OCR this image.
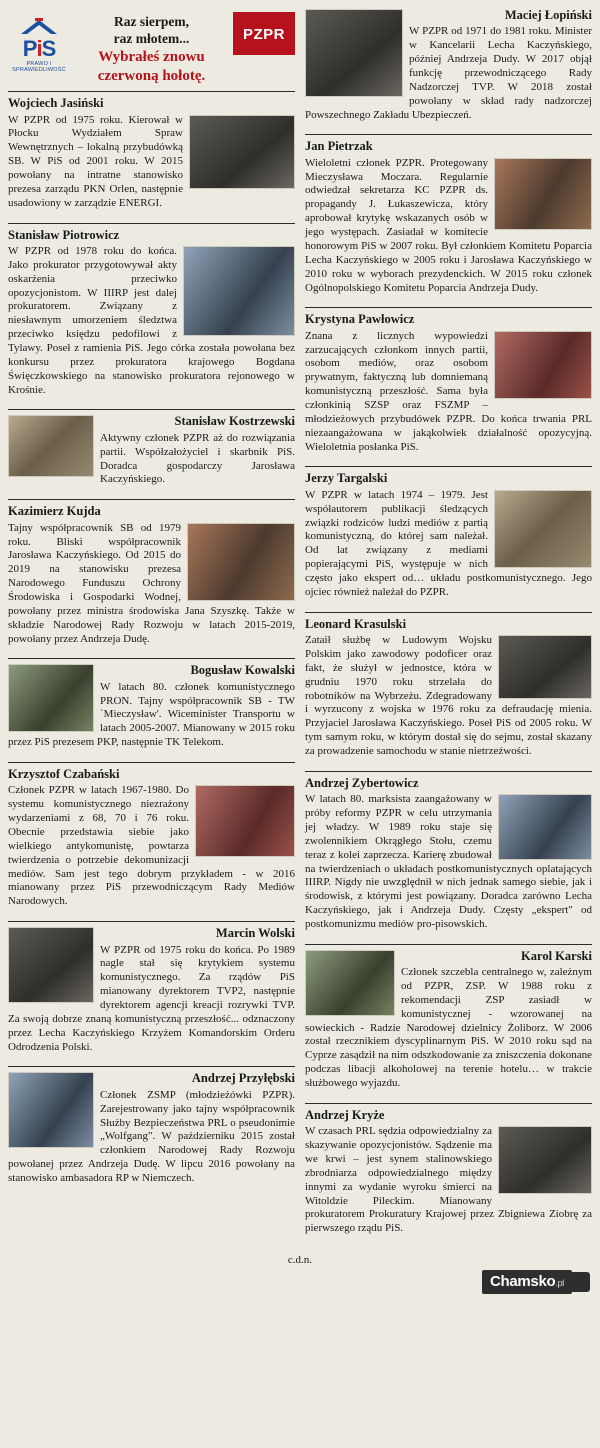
PiS
PRAWO I SPRAWIEDLIWOŚĆ
Raz sierpem,
raz młotem...
Wybrałeś znowu
czerwoną hołotę.
PZPR
Wojciech Jasiński

W PZPR od 1975 roku. Kierował w Płocku Wydziałem Spraw Wewnętrznych – lokalną przybudówką SB. W PiS od 2001 roku. W 2015 powołany na intratne stanowisko prezesa zarządu PKN Orlen, następnie usadowiony w zarządzie ENERGI.

Stanisław Piotrowicz

W PZPR od 1978 roku do końca. Jako prokurator przygotowywał akty oskarżenia przeciwko opozycjonistom. W IIIRP jest dalej prokuratorem. Związany z niesławnym umorzeniem śledztwa przeciwko księdzu pedofilowi z Tylawy. Poseł z ramienia PiS. Jego córka została powołana bez konkursu przez prokuratora krajowego Bogdana Święczkowskiego na stanowisko prokuratora rejonowego w Krośnie.

Stanisław Kostrzewski

Aktywny członek PZPR aż do rozwiązania partii. Współzałożyciel i skarbnik PiS. Doradca gospodarczy Jarosława Kaczyńskiego.

Kazimierz Kujda

Tajny współpracownik SB od 1979 roku. Bliski współpracownik Jarosława Kaczyńskiego. Od 2015 do 2019 na stanowisku prezesa Narodowego Funduszu Ochrony Środowiska i Gospodarki Wodnej, powołany przez ministra środowiska Jana Szyszkę. Także w składzie Narodowej Rady Rozwoju w latach 2015-2019, powołany przez Andrzeja Dudę.

Bogusław Kowalski

W latach 80. członek komunistycznego PRON. Tajny współpracownik SB - TW `Mieczysław'. Wiceminister Transportu w latach 2005-2007. Mianowany w 2015 roku przez PiS prezesem PKP, następnie TK Telekom.

Krzysztof Czabański

Członek PZPR w latach 1967-1980. Do systemu komunistycznego niezrażony wydarzeniami z 68, 70 i 76 roku. Obecnie przedstawia siebie jako wielkiego antykomunistę, powtarza twierdzenia o potrzebie dekomunizacji mediów. Sam jest tego dobrym przykładem - w 2016 mianowany przez PiS przewodniczącym Rady Mediów Narodowych.

Marcin Wolski

W PZPR od 1975 roku do końca. Po 1989 nagle stał się krytykiem systemu komunistycznego. Za rządów PiS mianowany dyrektorem TVP2, następnie dyrektorem agencji kreacji rozrywki TVP. Za swoją dobrze znaną komunistyczną przeszłość... odznaczony przez Lecha Kaczyńskiego Krzyżem Komandorskim Orderu Odrodzenia Polski.

Andrzej Przyłębski

Członek ZSMP (młodzieżówki PZPR). Zarejestrowany jako tajny współpracownik Służby Bezpieczeństwa PRL o pseudonimie „Wolfgang". W październiku 2015 został członkiem Narodowej Rady Rozwoju powołanej przez Andrzeja Dudę. W lipcu 2016 powołany na stanowisko ambasadora RP w Niemczech.

Maciej Łopiński

W PZPR od 1971 do 1981 roku. Minister w Kancelarii Lecha Kaczyńskiego, później Andrzeja Dudy. W 2017 objął funkcję przewodniczącego Rady Nadzorczej TVP. W 2018 został powołany w skład rady nadzorczej Powszechnego Zakładu Ubezpieczeń.

Jan Pietrzak

Wieloletni członek PZPR. Protegowany Mieczysława Moczara. Regularnie odwiedzał sekretarza KC PZPR ds. propagandy J. Łukaszewicza, który aprobował krytykę wskazanych osób w jego występach. Zasiadał w komitecie honorowym PiS w 2007 roku. Był członkiem Komitetu Poparcia Lecha Kaczyńskiego w 2005 roku i Jarosława Kaczyńskiego w 2010 roku w wyborach prezydenckich. W 2015 roku członek Ogólnopolskiego Komitetu Poparcia Andrzeja Dudy.

Krystyna Pawłowicz

Znana z licznych wypowiedzi zarzucających członkom innych partii, osobom mediów, oraz osobom prywatnym, faktyczną lub domniemaną komunistyczną przeszłość. Sama była członkinią SZSP oraz FSZMP – młodzieżowych przybudówek PZPR. Do końca trwania PRL niezaangażowana w jakąkolwiek działalność opozycyjną. Wieloletnia posłanka PiS.

Jerzy Targalski

W PZPR w latach 1974 – 1979. Jest współautorem publikacji śledzących związki rodziców ludzi mediów z partią komunistyczną, do której sam należał. Od lat związany z mediami popierającymi PiS, występuje w nich często jako ekspert od… układu postkomunistycznego. Jego ojciec również należał do PZPR.

Leonard Krasulski

Zataił służbę w Ludowym Wojsku Polskim jako zawodowy podoficer oraz fakt, że służył w jednostce, która w grudniu 1970 roku strzelała do robotników na Wybrzeżu. Zdegradowany i wyrzucony z wojska w 1976 roku za defraudację mienia. Przyjaciel Jarosława Kaczyńskiego. Poseł PiS od 2005 roku. W tym samym roku, w którym dostał się do sejmu, został skazany za prowadzenie samochodu w stanie nietrzeźwości.

Andrzej Zybertowicz

W latach 80. marksista zaangażowany w próby reformy PZPR w celu utrzymania jej władzy. W 1989 roku staje się zwolennikiem Okrągłego Stołu, czemu teraz z kolei zaprzecza. Karierę zbudował na twierdzeniach o układach postkomunistycznych oplatających IIIRP. Nigdy nie uwzględnił w nich jednak samego siebie, jak i środowisk, z którymi jest powiązany. Doradca zarówno Lecha Kaczyńskiego, jak i Andrzeja Dudy. Częsty „ekspert" od postkomunizmu mediów pro-pisowskich.

Karol Karski

Członek szczebla centralnego w, zależnym od PZPR, ZSP. W 1988 roku z rekomendacji ZSP zasiadł w komunistycznej - wzorowanej na sowieckich - Radzie Narodowej dzielnicy Żoliborz. W 2006 został rzecznikiem dyscyplinarnym PiS. W 2010 roku sąd na Cyprze zasądził na nim odszkodowanie za zniszczenia dokonane podczas libacji alkoholowej na terenie hotelu… w trakcie służbowego wyjazdu.

Andrzej Kryże

W czasach PRL sędzia odpowiedzialny za skazywanie opozycjonistów. Sądzenie ma we krwi – jest synem stalinowskiego zbrodniarza odpowiedzialnego między innymi za wydanie wyroku śmierci na Witoldzie Pileckim. Mianowany prokuratorem Prokuratury Krajowej przez Zbigniewa Ziobrę za pierwszego rządu PiS.

c.d.n.
Chamsko.pl
